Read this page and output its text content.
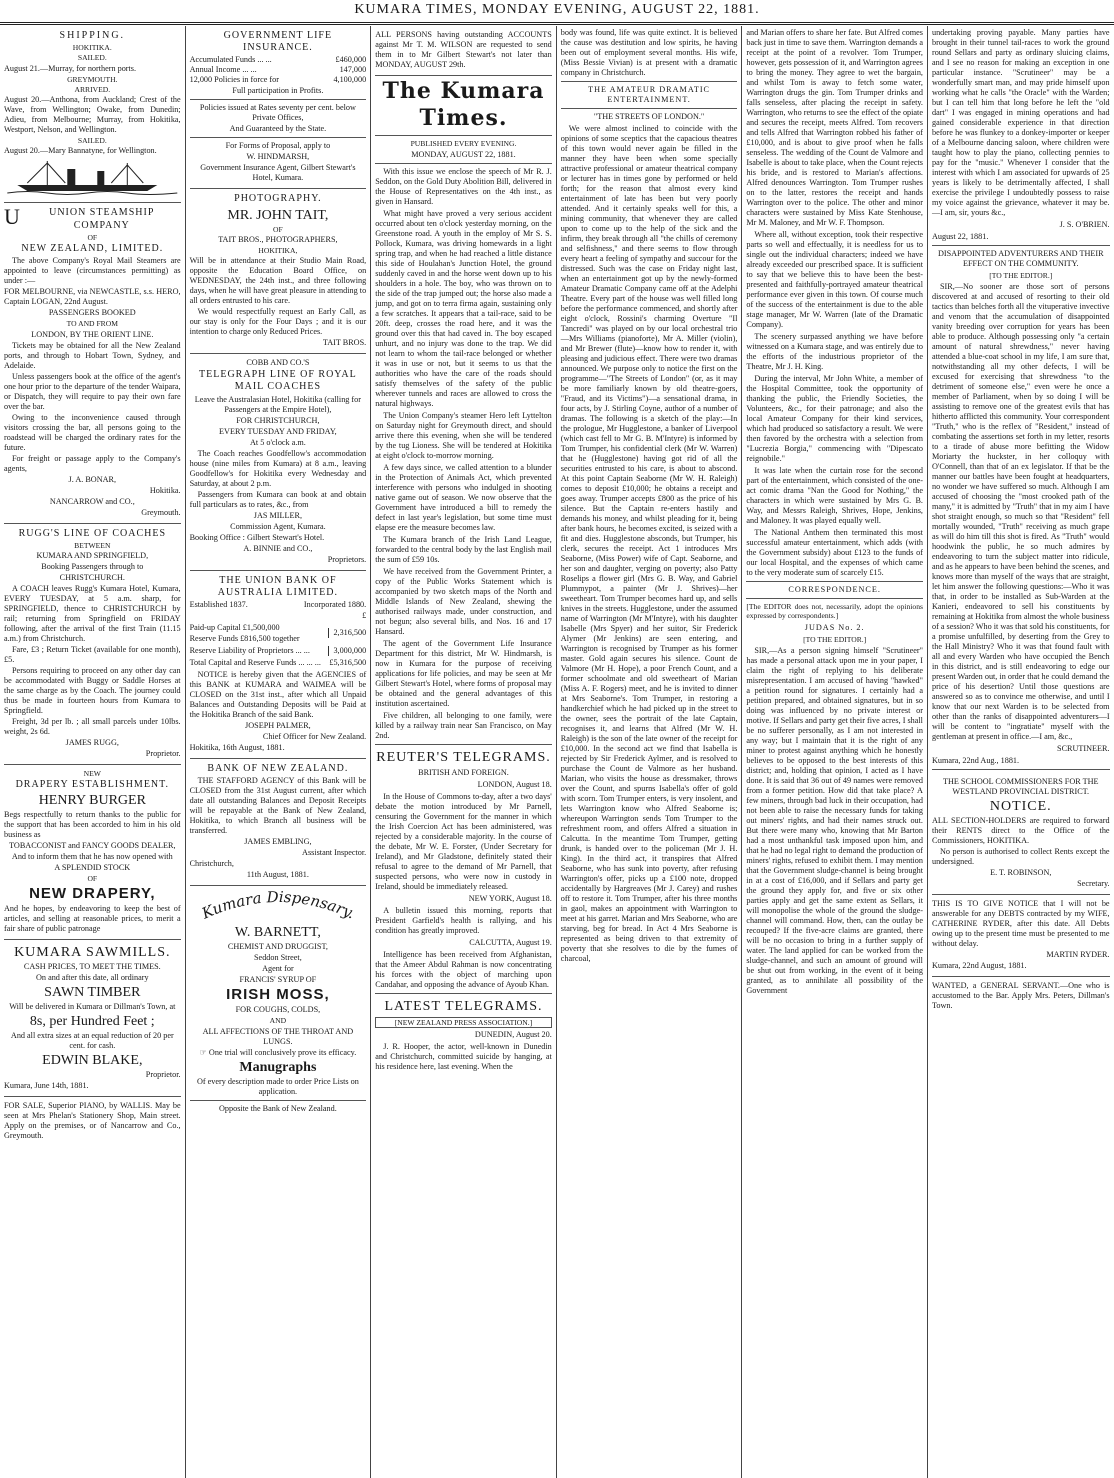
KUMARA TIMES, MONDAY EVENING, AUGUST 22, 1881.

SHIPPING.

HOKITIKA.

SAILED.

August 21.—Murray, for northern ports.

GREYMOUTH.

ARRIVED.

August 20.—Anthona, from Auckland; Crest of the Wave, from Wellington; Owake, from Dunedin; Adieu, from Melbourne; Murray, from Hokitika, Westport, Nelson, and Wellington.

SAILED.

August 20.—Mary Bannatyne, for Wellington.

U	UNION STEAMSHIP COMPANY

OF

NEW ZEALAND, LIMITED.

The above Company's Royal Mail Steamers are appointed to leave (circumstances permitting) as under :—

FOR MELBOURNE, via NEWCASTLE, s.s. HERO, Captain LOGAN, 22nd August.

PASSENGERS BOOKED

TO AND FROM

LONDON, BY THE ORIENT LINE.

Tickets may be obtained for all the New Zealand ports, and through to Hobart Town, Sydney, and Adelaide.

Unless passengers book at the office of the agent's one hour prior to the departure of the tender Waipara, or Dispatch, they will require to pay their own fare over the bar.

Owing to the inconvenience caused through visitors crossing the bar, all persons going to the roadstead will be charged the ordinary rates for the future.

For freight or passage apply to the Company's agents,

J. A. BONAR,

Hokitika.

NANCARROW and CO.,

Greymouth.

RUGG'S LINE OF COACHES

BETWEEN

KUMARA AND SPRINGFIELD,

Booking Passengers through to

CHRISTCHURCH.

A COACH leaves Rugg's Kumara Hotel, Kumara, EVERY TUESDAY, at 5 a.m. sharp, for SPRINGFIELD, thence to CHRISTCHURCH by rail; returning from Springfield on FRIDAY following, after the arrival of the first Train (11.15 a.m.) from Christchurch.

Fare, £3 ; Return Ticket (available for one month), £5.

Persons requiring to proceed on any other day can be accommodated with Buggy or Saddle Horses at the same charge as by the Coach. The journey could thus be made in fourteen hours from Kumara to Springfield.

Freight, 3d per lb. ; all small parcels under 10lbs. weight, 2s 6d.

JAMES RUGG,

Proprietor.

NEW

DRAPERY ESTABLISHMENT.

HENRY BURGER

Begs respectfully to return thanks to the public for the support that has been accorded to him in his old business as

TOBACCONIST and FANCY GOODS DEALER,

And to inform them that he has now opened with

A SPLENDID STOCK

OF

NEW DRAPERY,

And he hopes, by endeavoring to keep the best of articles, and selling at reasonable prices, to merit a fair share of public patronage

KUMARA SAWMILLS.

CASH PRICES, TO MEET THE TIMES.

On and after this date, all ordinary

SAWN TIMBER

Will be delivered in Kumara or Dillman's Town, at

8s, per Hundred Feet ;

And all extra sizes at an equal reduction of 20 per cent. for cash.

EDWIN BLAKE,

Proprietor.

Kumara, June 14th, 1881.

FOR SALE, Superior PIANO, by WALLIS. May be seen at Mrs Phelan's Stationery Shop, Main street. Apply on the premises, or of Nancarrow and Co., Greymouth.

GOVERNMENT LIFE INSURANCE.

Accumulated Funds ... ...	£460,000
Annual Income ... ...	147,000
12,000 Policies in force for	4,100,000

Full participation in Profits.

Policies issued at Rates seventy per cent. below Private Offices,

And Guaranteed by the State.

For Forms of Proposal, apply to

W. HINDMARSH,

Government Insurance Agent, Gilbert Stewart's Hotel, Kumara.

PHOTOGRAPHY.

MR. JOHN TAIT,

OF

TAIT BROS., PHOTOGRAPHERS,

HOKITIKA,

Will be in attendance at their Studio Main Road, opposite the Education Board Office, on WEDNESDAY, the 24th inst., and three following days, when he will have great pleasure in attending to all orders entrusted to his care.

We would respectfully request an Early Call, as our stay is only for the Four Days ; and it is our intention to charge only Reduced Prices.

TAIT BROS.

COBB AND CO.'S

TELEGRAPH LINE OF ROYAL MAIL COACHES

Leave the Australasian Hotel, Hokitika (calling for Passengers at the Empire Hotel),

FOR CHRISTCHURCH,

EVERY TUESDAY AND FRIDAY,

At 5 o'clock a.m.

The Coach reaches Goodfellow's accommodation house (nine miles from Kumara) at 8 a.m., leaving Goodfellow's for Hokitika every Wednesday and Saturday, at about 2 p.m.

Passengers from Kumara can book at and obtain full particulars as to rates, &c., from

JAS MILLER,

Commission Agent, Kumara.

Booking Office : Gilbert Stewart's Hotel.

A. BINNIE and CO.,

Proprietors.

THE UNION BANK OF AUSTRALIA LIMITED.

Established 1837.	Incorporated 1880.

£

Paid-up Capital £1,500,000

Reserve Funds £816,500 together

2,316,500

Reserve Liability of Proprietors ... ...	3,000,000

Total Capital and Reserve Funds ... ... ... £5,316,500

NOTICE is hereby given that the AGENCIES of this BANK at KUMARA and WAIMEA will be CLOSED on the 31st inst., after which all Unpaid Balances and Outstanding Deposits will be Paid at the Hokitika Branch of the said Bank.

JOSEPH PALMER,

Chief Officer for New Zealand.

Hokitika, 16th August, 1881.

BANK OF NEW ZEALAND.

THE STAFFORD AGENCY of this Bank will be CLOSED from the 31st August current, after which date all outstanding Balances and Deposit Receipts will be repayable at the Bank of New Zealand, Hokitika, to which Branch all business will be transferred.

JAMES EMBLING,

Assistant Inspector.

Christchurch,

11th August, 1881.

Kumara Dispensary.

W. BARNETT,

CHEMIST AND DRUGGIST,

Seddon Street,

Agent for

FRANCIS' SYRUP OF

IRISH MOSS,

FOR COUGHS, COLDS,

AND

ALL AFFECTIONS OF THE THROAT AND LUNGS.

☞ One trial will conclusively prove its efficacy.

Manugraphs

Of every description made to order Price Lists on application.

Opposite the Bank of New Zealand.

ALL PERSONS having outstanding ACCOUNTS against Mr T. M. WILSON are requested to send them in to Mr Gilbert Stewart's not later than MONDAY, AUGUST 29th.

The Kumara Times.

PUBLISHED EVERY EVENING.

MONDAY, AUGUST 22, 1881.

With this issue we enclose the speech of Mr R. J. Seddon, on the Gold Duty Abolition Bill, delivered in the House of Representatives on the 4th inst., as given in Hansard.

What might have proved a very serious accident occurred about ten o'clock yesterday morning, on the Greenstone road. A youth in the employ of Mr S. S. Pollock, Kumara, was driving homewards in a light spring trap, and when he had reached a little distance this side of Houlahan's Junction Hotel, the ground suddenly caved in and the horse went down up to his shoulders in a hole. The boy, who was thrown on to the side of the trap jumped out; the horse also made a jump, and got on to terra firma again, sustaining only a few scratches. It appears that a tail-race, said to be 20ft. deep, crosses the road here, and it was the ground over this that had caved in. The boy escaped unhurt, and no injury was done to the trap. We did not learn to whom the tail-race belonged or whether it was in use or not, but it seems to us that the authorities who have the care of the roads should satisfy themselves of the safety of the public wherever tunnels and races are allowed to cross the natural highways.

The Union Company's steamer Hero left Lyttelton on Saturday night for Greymouth direct, and should arrive there this evening, when she will be tendered by the tug Lioness. She will be tendered at Hokitika at eight o'clock to-morrow morning.

A few days since, we called attention to a blunder in the Protection of Animals Act, which prevented interference with persons who indulged in shooting native game out of season. We now observe that the Government have introduced a bill to remedy the defect in last year's legislation, but some time must elapse ere the measure becomes law.

The Kumara branch of the Irish Land League, forwarded to the central body by the last English mail the sum of £59 10s.

We have received from the Government Printer, a copy of the Public Works Statement which is accompanied by two sketch maps of the North and Middle Islands of New Zealand, shewing the authorised railways made, under construction, and not begun; also several bills, and Nos. 16 and 17 Hansard.

The agent of the Government Life Insurance Department for this district, Mr W. Hindmarsh, is now in Kumara for the purpose of receiving applications for life policies, and may be seen at Mr Gilbert Stewart's Hotel, where forms of proposal may be obtained and the general advantages of this institution ascertained.

Five children, all belonging to one family, were killed by a railway train near San Francisco, on May 2nd.

REUTER'S TELEGRAMS.

BRITISH AND FOREIGN.

LONDON, August 18.

In the House of Commons to-day, after a two days' debate the motion introduced by Mr Parnell, censuring the Government for the manner in which the Irish Coercion Act has been administered, was rejected by a considerable majority. In the course of the debate, Mr W. E. Forster, (Under Secretary for Ireland), and Mr Gladstone, definitely stated their refusal to agree to the demand of Mr Parnell, that suspected persons, who were now in custody in Ireland, should be immediately released.

NEW YORK, August 18.

A bulletin issued this morning, reports that President Garfield's health is rallying, and his condition has greatly improved.

CALCUTTA, August 19.

Intelligence has been received from Afghanistan, that the Ameer Abdul Rahman is now concentrating his forces with the object of marching upon Candahar, and opposing the advance of Ayoub Khan.

LATEST TELEGRAMS.

[NEW ZEALAND PRESS ASSOCIATION.]

DUNEDIN, August 20.

J. R. Hooper, the actor, well-known in Dunedin and Christchurch, committed suicide by hanging, at his residence here, last evening. When the

body was found, life was quite extinct. It is believed the cause was destitution and low spirits, he having been out of employment several months. His wife, (Miss Bessie Vivian) is at present with a dramatic company in Christchurch.

THE AMATEUR DRAMATIC ENTERTAINMENT.

"THE STREETS OF LONDON."

We were almost inclined to coincide with the opinions of some sceptics that the capacious theatres of this town would never again be filled in the manner they have been when some specially attractive professional or amateur theatrical company or lecturer has in times gone by performed or held forth; for the reason that almost every kind entertainment of late has been but very poorly attended. And it certainly speaks well for this, a mining community, that whenever they are called upon to come up to the help of the sick and the infirm, they break through all "the chills of ceremony and selfishness," and there seems to flow through every heart a feeling of sympathy and succour for the distressed. Such was the case on Friday night last, when an entertainment got up by the newly-formed Amateur Dramatic Company came off at the Adelphi Theatre. Every part of the house was well filled long before the performance commenced, and shortly after eight o'clock, Rossini's charming Overture "Il Tancredi" was played on by our local orchestral trio—Mrs Williams (pianoforte), Mr A. Miller (violin), and Mr Brewer (flute)—know how to render it, with pleasing and judicious effect. There were two dramas announced. We purpose only to notice the first on the programme—"The Streets of London" (or, as it may be more familiarly known by old theatre-goers, "Fraud, and its Victims")—a sensational drama, in four acts, by J. Stirling Coyne, author of a number of dramas. The following is a sketch of the play:—In the prologue, Mr Hugglestone, a banker of Liverpool (which cast fell to Mr G. B. M'Intyre) is informed by Tom Trumper, his confidential clerk (Mr W. Warren) that he (Hugglestone) having got rid of all the securities entrusted to his care, is about to abscond. At this point Captain Seaborne (Mr W. H. Raleigh) comes to deposit £10,000; he obtains a receipt and goes away. Trumper accepts £800 as the price of his silence. But the Captain re-enters hastily and demands his money, and whilst pleading for it, being after bank hours, he becomes excited, is seized with a fit and dies. Hugglestone absconds, but Trumper, his clerk, secures the receipt. Act 1 introduces Mrs Seaborne, (Miss Power) wife of Capt. Seaborne, and her son and daughter, verging on poverty; also Patty Roselips a flower girl (Mrs G. B. Way, and Gabriel Plummypot, a painter (Mr J. Shrives)—her sweetheart. Tom Trumper becomes hard up, and sells knives in the streets. Hugglestone, under the assumed name of Warrington (Mr M'Intyre), with his daughter Isabelle (Mrs Spyer) and her suitor, Sir Frederick Alymer (Mr Jenkins) are seen entering, and Warrington is recognised by Trumper as his former master. Gold again secures his silence. Count de Valmore (Mr H. Hope), a poor French Count, and a former schoolmate and old sweetheart of Marian (Miss A. F. Rogers) meet, and he is invited to dinner at Mrs Seaborne's. Tom Trumper, in restoring a handkerchief which he had picked up in the street to the owner, sees the portrait of the late Captain, recognises it, and learns that Alfred (Mr W. H. Raleigh) is the son of the late owner of the receipt for £10,000. In the second act we find that Isabella is rejected by Sir Frederick Aylmer, and is resolved to purchase the Count de Valmore as her husband. Marian, who visits the house as dressmaker, throws over the Count, and spurns Isabella's offer of gold with scorn. Tom Trumper enters, is very insolent, and lets Warrington know who Alfred Seaborne is; whereupon Warrington sends Tom Trumper to the refreshment room, and offers Alfred a situation in Calcutta. In the meantime Tom Trumper, getting drunk, is handed over to the policeman (Mr J. H. King). In the third act, it transpires that Alfred Seaborne, who has sunk into poverty, after refusing Warrington's offer, picks up a £100 note, dropped accidentally by Hargreaves (Mr J. Carey) and rushes off to restore it. Tom Trumper, after his three months in gaol, makes an appointment with Warrington to meet at his garret. Marian and Mrs Seaborne, who are starving, beg for bread. In Act 4 Mrs Seaborne is represented as being driven to that extremity of poverty that she resolves to die by the fumes of charcoal,

and Marian offers to share her fate. But Alfred comes back just in time to save them. Warrington demands a receipt at the point of a revolver. Tom Trumper, however, gets possession of it, and Warrington agrees to bring the money. They agree to wet the bargain, and whilst Tom is away to fetch some water, Warrington drugs the gin. Tom Trumper drinks and falls senseless, after placing the receipt in safety. Warrington, who returns to see the effect of the opiate and secures the receipt, meets Alfred. Tom recovers and tells Alfred that Warrington robbed his father of £10,000, and is about to give proof when he falls senseless. The wedding of the Count de Valmore and Isabelle is about to take place, when the Count rejects his bride, and is restored to Marian's affections. Alfred denounces Warrington. Tom Trumper rushes on to the latter, restores the receipt and hands Warrington over to the police. The other and minor characters were sustained by Miss Kate Stenhouse, Mr M. Maloney, and Mr W. F. Thompson.

Where all, without exception, took their respective parts so well and effectually, it is needless for us to single out the individual characters; indeed we have already exceeded our prescribed space. It is sufficient to say that we believe this to have been the best-presented and faithfully-portrayed amateur theatrical performance ever given in this town. Of course much of the success of the entertainment is due to the able stage manager, Mr W. Warren (late of the Dramatic Company).

The scenery surpassed anything we have before witnessed on a Kumara stage, and was entirely due to the efforts of the industrious proprietor of the Theatre, Mr J. H. King.

During the interval, Mr John White, a member of the Hospital Committee, took the opportunity of thanking the public, the Friendly Societies, the Volunteers, &c., for their patronage; and also the local Amateur Company for their kind services, which had produced so satisfactory a result. We were then favored by the orchestra with a selection from "Lucrezia Borgia," commencing with "Dipescato reignobile."

It was late when the curtain rose for the second part of the entertainment, which consisted of the one-act comic drama "Nan the Good for Nothing," the characters in which were sustained by Mrs G. B. Way, and Messrs Raleigh, Shrives, Hope, Jenkins, and Maloney. It was played equally well.

The National Anthem then terminated this most successful amateur entertainment, which adds (with the Government subsidy) about £123 to the funds of our local Hospital, and the expenses of which came to the very moderate sum of scarcely £15.

CORRESPONDENCE.

[The EDITOR does not, necessarily, adopt the opinions expressed by correspondents.]

JUDAS No. 2.

[TO THE EDITOR.]

SIR,—As a person signing himself "Scrutineer" has made a personal attack upon me in your paper, I claim the right of replying to his deliberate misrepresentation. I am accused of having "hawked" a petition round for signatures. I certainly had a petition prepared, and obtained signatures, but in so doing was influenced by no private interest or motive. If Sellars and party get their five acres, I shall be no sufferer personally, as I am not interested in any way; but I maintain that it is the right of any miner to protest against anything which he honestly believes to be opposed to the best interests of this district; and, holding that opinion, I acted as I have done. It is said that 36 out of 49 names were removed from a former petition. How did that take place? A few miners, through bad luck in their occupation, had not been able to raise the necessary funds for taking out miners' rights, and had their names struck out. But there were many who, knowing that Mr Barton had a most unthankful task imposed upon him, and that he had no legal right to demand the production of miners' rights, refused to exhibit them. I may mention that the Government sludge-channel is being brought in at a cost of £16,000, and if Sellars and party get the ground they apply for, and five or six other parties apply and get the same extent as Sellars, it will monopolise the whole of the ground the sludge-channel will command. How, then, can the outlay be recouped? If the five-acre claims are granted, there will be no occasion to bring in a further supply of water. The land applied for can be worked from the sludge-channel, and such an amount of ground will be shut out from working, in the event of it being granted, as to annihilate all possibility of the Government

undertaking proving payable. Many parties have brought in their tunnel tail-races to work the ground round Sellars and party as ordinary sluicing claims, and I see no reason for making an exception in one particular instance. "Scrutineer" may be a wonderfully smart man, and may pride himself upon working what he calls "the Oracle" with the Warden; but I can tell him that long before he left the "old dart" I was engaged in mining operations and had gained considerable experience in that direction before he was flunkey to a donkey-importer or keeper of a Melbourne dancing saloon, where children were taught how to play the piano, collecting pennies to pay for the "music." Whenever I consider that the interest with which I am associated for upwards of 25 years is likely to be detrimentally affected, I shall exercise the privilege I undoubtedly possess to raise my voice against the grievance, whatever it may be.—I am, sir, yours &c.,

J. S. O'BRIEN.

August 22, 1881.

DISAPPOINTED ADVENTURERS AND THEIR EFFECT ON THE COMMUNITY.

[TO THE EDITOR.]

SIR,—No sooner are those sort of persons discovered at and accused of resorting to their old tactics than belches forth all the vituperative invective and venom that the accumulation of disappointed vanity breeding over corruption for years has been able to produce. Although possessing only "a certain amount of natural shrewdness," never having attended a blue-coat school in my life, I am sure that, notwithstanding all my other defects, I will be excused for exercising that shrewdness "to the detriment of someone else," even were he once a member of Parliament, when by so doing I will be assisting to remove one of the greatest evils that has hitherto afflicted this community. Your correspondent "Truth," who is the reflex of "Resident," instead of combating the assertions set forth in my letter, resorts to a tirade of abuse more befitting the Widow Moriarty the huckster, in her colloquy with O'Connell, than that of an ex legislator. If that be the manner our battles have been fought at headquarters, no wonder we have suffered so much. Although I am accused of choosing the "most crooked path of the many," it is admitted by "Truth" that in my aim I have shot straight enough, so much so that "Resident" fell mortally wounded, "Truth" receiving as much grape as will do him till this shot is fired. As "Truth" would hoodwink the public, he so much admires by endeavoring to turn the subject matter into ridicule, and as he appears to have been behind the scenes, and knows more than myself of the ways that are straight, let him answer the following questions:—Who it was that, in order to be installed as Sub-Warden at the Kanieri, endeavored to sell his constituents by remaining at Hokitika from almost the whole business of a session? Who it was that sold his constituents, for a promise unfulfilled, by deserting from the Grey to the Hall Ministry? Who it was that found fault with all and every Warden who have occupied the Bench in this district, and is still endeavoring to edge our present Warden out, in order that he could demand the price of his desertion? Until those questions are answered so as to convince me otherwise, and until I know that our next Warden is to be selected from other than the ranks of disappointed adventurers—I will be content to "ingratiate" myself with the gentleman at present in office.—I am, &c.,

SCRUTINEER.

Kumara, 22nd Aug., 1881.

THE SCHOOL COMMISSIONERS FOR THE WESTLAND PROVINCIAL DISTRICT.

NOTICE.

ALL SECTION-HOLDERS are required to forward their RENTS direct to the Office of the Commissioners, HOKITIKA.

No person is authorised to collect Rents except the undersigned.

E. T. ROBINSON,

Secretary.

THIS IS TO GIVE NOTICE that I will not be answerable for any DEBTS contracted by my WIFE, CATHERINE RYDER, after this date. All Debts owing up to the present time must be presented to me without delay.

MARTIN RYDER.

Kumara, 22nd August, 1881.

WANTED, a GENERAL SERVANT.—One who is accustomed to the Bar. Apply Mrs. Peters, Dillman's Town.
